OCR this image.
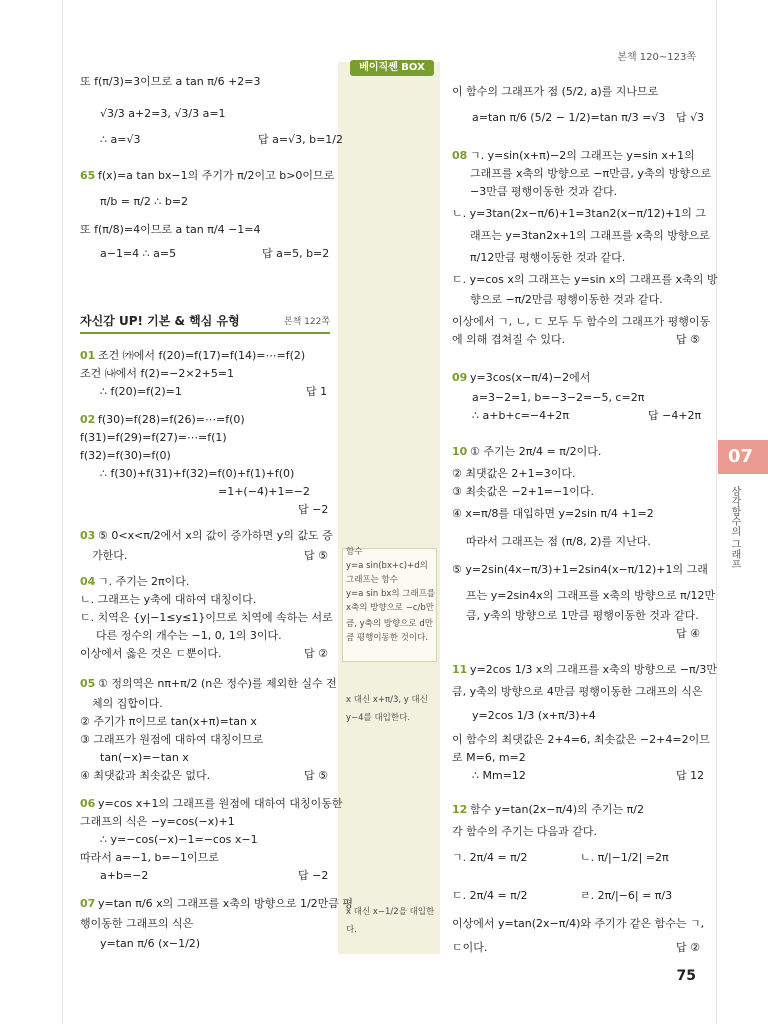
본책 120~123쪽
베이직쎈 BOX
자신감 UP! 기본 & 핵심 유형	본책 122쪽
07
삼각함수의 그래프
또 f(π/3)=3이므로 a tan π/6 +2=3
√3/3 a+2=3, √3/3 a=1
∴ a=√3	답 a=√3, b=1/2
65 f(x)=a tan bx−1의 주기가 π/2이고 b>0이므로
π/b = π/2 ∴ b=2
또 f(π/8)=4이므로 a tan π/4 −1=4
a−1=4 ∴ a=5	답 a=5, b=2
01 조건 ㈎에서 f(20)=f(17)=f(14)=⋯=f(2)
조건 ㈏에서 f(2)=−2×2+5=1
∴ f(20)=f(2)=1	답 1
02 f(30)=f(28)=f(26)=⋯=f(0)
f(31)=f(29)=f(27)=⋯=f(1)
f(32)=f(30)=f(0)
∴ f(30)+f(31)+f(32)=f(0)+f(1)+f(0)
=1+(−4)+1=−2
답 −2
03 ⑤ 0<x<π/2에서 x의 값이 증가하면 y의 값도 증
가한다.	답 ⑤
04 ㄱ. 주기는 2π이다.
ㄴ. 그래프는 y축에 대하여 대칭이다.
ㄷ. 치역은 {y|−1≤y≤1}이므로 치역에 속하는 서로
다른 정수의 개수는 −1, 0, 1의 3이다.
이상에서 옳은 것은 ㄷ뿐이다.	답 ②
05 ① 정의역은 nπ+π/2 (n은 정수)를 제외한 실수 전
체의 집합이다.
② 주기가 π이므로 tan(x+π)=tan x
③ 그래프가 원점에 대하여 대칭이므로
tan(−x)=−tan x
④ 최댓값과 최솟값은 없다.	답 ⑤
06 y=cos x+1의 그래프를 원점에 대하여 대칭이동한
그래프의 식은 −y=cos(−x)+1
∴ y=−cos(−x)−1=−cos x−1
따라서 a=−1, b=−1이므로
a+b=−2	답 −2
07 y=tan π/6 x의 그래프를 x축의 방향으로 1/2만큼 평
행이동한 그래프의 식은
y=tan π/6 (x−1/2)
이 함수의 그래프가 점 (5/2, a)를 지나므로
a=tan π/6 (5/2 − 1/2)=tan π/3 =√3 답 √3
08 ㄱ. y=sin(x+π)−2의 그래프는 y=sin x+1의
그래프를 x축의 방향으로 −π만큼, y축의 방향으로
−3만큼 평행이동한 것과 같다.
ㄴ. y=3tan(2x−π/6)+1=3tan2(x−π/12)+1의 그
래프는 y=3tan2x+1의 그래프를 x축의 방향으로
π/12만큼 평행이동한 것과 같다.
ㄷ. y=cos x의 그래프는 y=sin x의 그래프를 x축의 방
향으로 −π/2만큼 평행이동한 것과 같다.
이상에서 ㄱ, ㄴ, ㄷ 모두 두 함수의 그래프가 평행이동
에 의해 겹쳐질 수 있다.	답 ⑤
09 y=3cos(x−π/4)−2에서
a=3−2=1, b=−3−2=−5, c=2π
∴ a+b+c=−4+2π	답 −4+2π
10 ① 주기는 2π/4 = π/2이다.
② 최댓값은 2+1=3이다.
③ 최솟값은 −2+1=−1이다.
④ x=π/8를 대입하면 y=2sin π/4 +1=2
따라서 그래프는 점 (π/8, 2)를 지난다.
⑤ y=2sin(4x−π/3)+1=2sin4(x−π/12)+1의 그래
프는 y=2sin4x의 그래프를 x축의 방향으로 π/12만
큼, y축의 방향으로 1만큼 평행이동한 것과 같다.
답 ④
11 y=2cos 1/3 x의 그래프를 x축의 방향으로 −π/3만
큼, y축의 방향으로 4만큼 평행이동한 그래프의 식은
y=2cos 1/3 (x+π/3)+4
이 함수의 최댓값은 2+4=6, 최솟값은 −2+4=2이므
로 M=6, m=2
∴ Mm=12	답 12
12 함수 y=tan(2x−π/4)의 주기는 π/2
각 함수의 주기는 다음과 같다.
ㄱ. 2π/4 = π/2	ㄴ. π/|−1/2| =2π
ㄷ. 2π/4 = π/2	ㄹ. 2π/|−6| = π/3
이상에서 y=tan(2x−π/4)와 주기가 같은 함수는 ㄱ,
ㄷ이다.	답 ②
함수
y=a sin(bx+c)+d의
그래프는 함수
y=a sin bx의 그래프를
x축의 방향으로 −c/b만
큼, y축의 방향으로 d만
큼 평행이동한 것이다.
x 대신 x+π/3, y 대신
y−4를 대입한다.
x 대신 x−1/2을 대입한
다.
75
